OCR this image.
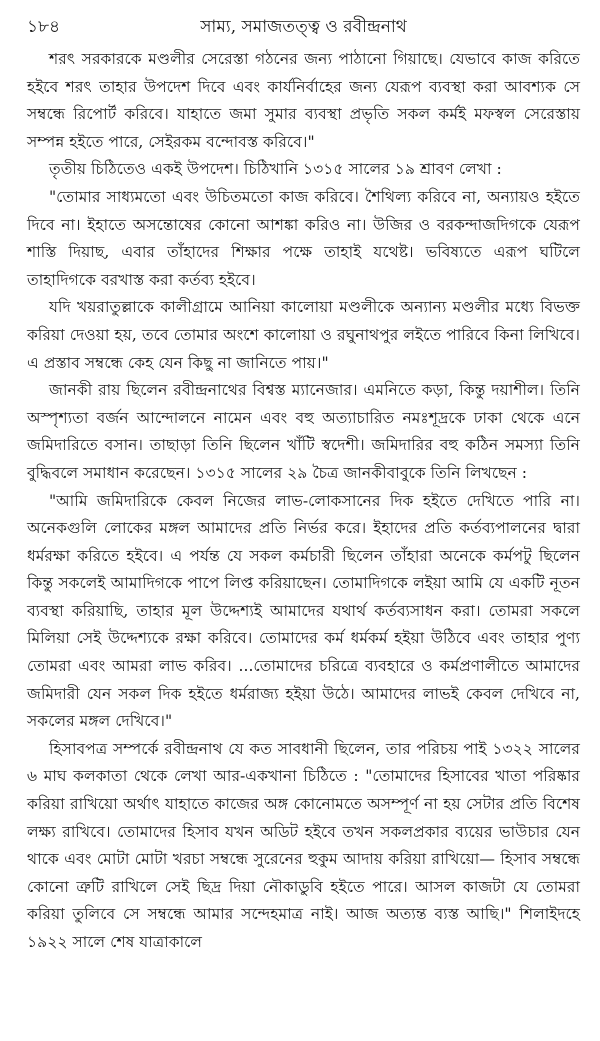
১৮৪	সাম্য, সমাজতত্ত্ব ও রবীন্দ্রনাথ

শরৎ সরকারকে মণ্ডলীর সেরেস্তা গঠনের জন্য পাঠানো গিয়াছে। যেভাবে কাজ করিতে হইবে শরৎ তাহার উপদেশ দিবে এবং কার্যনির্বাহের জন্য যেরূপ ব্যবস্থা করা আবশ্যক সে সম্বন্ধে রিপোর্ট করিবে। যাহাতে জমা সুমার ব্যবস্থা প্রভৃতি সকল কর্মই মফস্বল সেরেস্তায় সম্পন্ন হইতে পারে, সেইরকম বন্দোবস্ত করিবে।"

তৃতীয় চিঠিতেও একই উপদেশ। চিঠিখানি ১৩১৫ সালের ১৯ শ্রাবণ লেখা :

"তোমার সাধ্যমতো এবং উচিতমতো কাজ করিবে। শৈথিল্য করিবে না, অন্যায়ও হইতে দিবে না। ইহাতে অসন্তোষের কোনো আশঙ্কা করিও না। উজির ও বরকন্দাজদিগকে যেরূপ শাস্তি দিয়াছ, এবার তাঁহাদের শিক্ষার পক্ষে তাহাই যথেষ্ট। ভবিষ্যতে এরূপ ঘটিলে তাহাদিগকে বরখাস্ত করা কর্তব্য হইবে।

যদি খয়রাতুল্লাকে কালীগ্রামে আনিয়া কালোয়া মণ্ডলীকে অন্যান্য মণ্ডলীর মধ্যে বিভক্ত করিয়া দেওয়া হয়, তবে তোমার অংশে কালোয়া ও রঘুনাথপুর লইতে পারিবে কিনা লিখিবে। এ প্রস্তাব সম্বন্ধে কেহ যেন কিছু না জানিতে পায়।"

জানকী রায় ছিলেন রবীন্দ্রনাথের বিশ্বস্ত ম্যানেজার। এমনিতে কড়া, কিন্তু দয়াশীল। তিনি অস্পৃশ্যতা বর্জন আন্দোলনে নামেন এবং বহু অত্যাচারিত নমঃশূদ্রকে ঢাকা থেকে এনে জমিদারিতে বসান। তাছাড়া তিনি ছিলেন খাঁটি স্বদেশী। জমিদারির বহু কঠিন সমস্যা তিনি বুদ্ধিবলে সমাধান করেছেন। ১৩১৫ সালের ২৯ চৈত্র জানকীবাবুকে তিনি লিখছেন :

"আমি জমিদারিকে কেবল নিজের লাভ-লোকসানের দিক হইতে দেখিতে পারি না। অনেকগুলি লোকের মঙ্গল আমাদের প্রতি নির্ভর করে। ইহাদের প্রতি কর্তব্যপালনের দ্বারা ধর্মরক্ষা করিতে হইবে। এ পর্যন্ত যে সকল কর্মচারী ছিলেন তাঁহারা অনেকে কর্মপটু ছিলেন কিন্তু সকলেই আমাদিগকে পাপে লিপ্ত করিয়াছেন। তোমাদিগকে লইয়া আমি যে একটি নূতন ব্যবস্থা করিয়াছি, তাহার মূল উদ্দেশ্যই আমাদের যথার্থ কর্তব্যসাধন করা। তোমরা সকলে মিলিয়া সেই উদ্দেশ্যকে রক্ষা করিবে। তোমাদের কর্ম ধর্মকর্ম হইয়া উঠিবে এবং তাহার পুণ্য তোমরা এবং আমরা লাভ করিব। ...তোমাদের চরিত্রে ব্যবহারে ও কর্মপ্রণালীতে আমাদের জমিদারী যেন সকল দিক হইতে ধর্মরাজ্য হইয়া উঠে। আমাদের লাভই কেবল দেখিবে না, সকলের মঙ্গল দেখিবে।"

হিসাবপত্র সম্পর্কে রবীন্দ্রনাথ যে কত সাবধানী ছিলেন, তার পরিচয় পাই ১৩২২ সালের ৬ মাঘ কলকাতা থেকে লেখা আর-একখানা চিঠিতে : "তোমাদের হিসাবের খাতা পরিষ্কার করিয়া রাখিয়ো অর্থাৎ যাহাতে কাজের অঙ্গ কোনোমতে অসম্পূর্ণ না হয় সেটার প্রতি বিশেষ লক্ষ্য রাখিবে। তোমাদের হিসাব যখন অডিট হইবে তখন সকলপ্রকার ব্যয়ের ভাউচার যেন থাকে এবং মোটা মোটা খরচা সম্বন্ধে সুরেনের হুকুম আদায় করিয়া রাখিয়ো— হিসাব সম্বন্ধে কোনো ত্রুটি রাখিলে সেই ছিদ্র দিয়া নৌকাডুবি হইতে পারে। আসল কাজটা যে তোমরা করিয়া তুলিবে সে সম্বন্ধে আমার সন্দেহমাত্র নাই। আজ অত্যন্ত ব্যস্ত আছি।" শিলাইদহে ১৯২২ সালে শেষ যাত্রাকালে
